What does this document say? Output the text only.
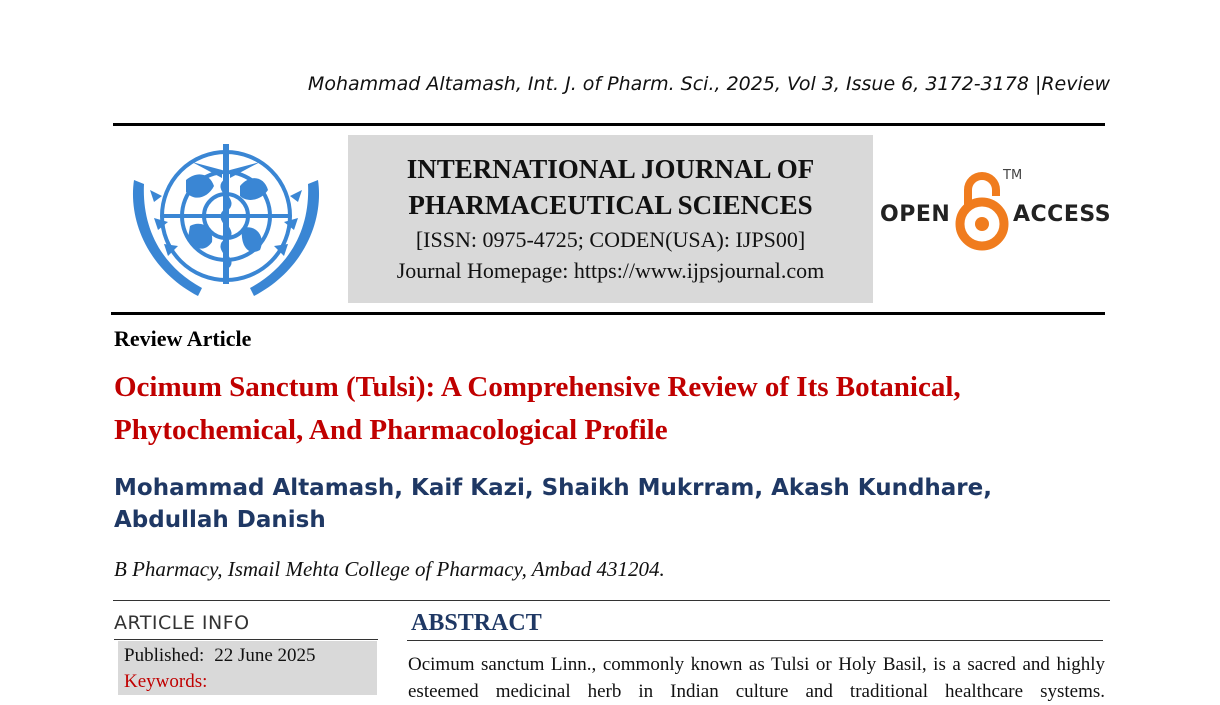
Mohammad Altamash, Int. J. of Pharm. Sci., 2025, Vol 3, Issue 6, 3172-3178 |Review
INTERNATIONAL JOURNAL OF
PHARMACEUTICAL SCIENCES
[ISSN: 0975-4725; CODEN(USA): IJPS00]
Journal Homepage: https://www.ijpsjournal.com
OPEN
TM
ACCESS
Review Article
Ocimum Sanctum (Tulsi): A Comprehensive Review of Its Botanical,
Phytochemical, And Pharmacological Profile
Mohammad Altamash, Kaif Kazi, Shaikh Mukrram, Akash Kundhare, Abdullah Danish
B Pharmacy, Ismail Mehta College of Pharmacy, Ambad 431204.
ARTICLE INFO
Published: 22 June 2025
Keywords:
ABSTRACT
Ocimum sanctum Linn., commonly known as Tulsi or Holy Basil, is a sacred and highly esteemed medicinal herb in Indian culture and traditional healthcare systems.
